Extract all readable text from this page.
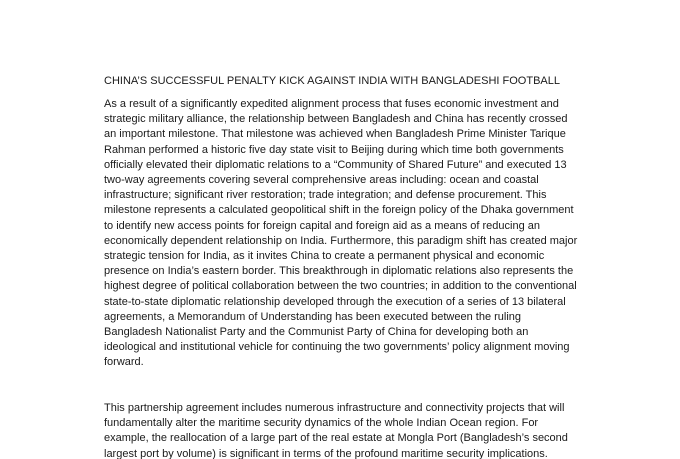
CHINA’S SUCCESSFUL PENALTY KICK AGAINST INDIA WITH BANGLADESHI FOOTBALL

As a result of a significantly expedited alignment process that fuses economic investment and strategic military alliance, the relationship between Bangladesh and China has recently crossed an important milestone. That milestone was achieved when Bangladesh Prime Minister Tarique Rahman performed a historic five day state visit to Beijing during which time both governments officially elevated their diplomatic relations to a “Community of Shared Future” and executed 13 two-way agreements covering several comprehensive areas including: ocean and coastal infrastructure; significant river restoration; trade integration; and defense procurement. This milestone represents a calculated geopolitical shift in the foreign policy of the Dhaka government to identify new access points for foreign capital and foreign aid as a means of reducing an economically dependent relationship on India. Furthermore, this paradigm shift has created major strategic tension for India, as it invites China to create a permanent physical and economic presence on India’s eastern border. This breakthrough in diplomatic relations also represents the highest degree of political collaboration between the two countries; in addition to the conventional state-to-state diplomatic relationship developed through the execution of a series of 13 bilateral agreements, a Memorandum of Understanding has been executed between the ruling Bangladesh Nationalist Party and the Communist Party of China for developing both an ideological and institutional vehicle for continuing the two governments’ policy alignment moving forward.

This partnership agreement includes numerous infrastructure and connectivity projects that will fundamentally alter the maritime security dynamics of the whole Indian Ocean region. For example, the reallocation of a large part of the real estate at Mongla Port (Bangladesh’s second largest port by volume) is significant in terms of the profound maritime security implications.
